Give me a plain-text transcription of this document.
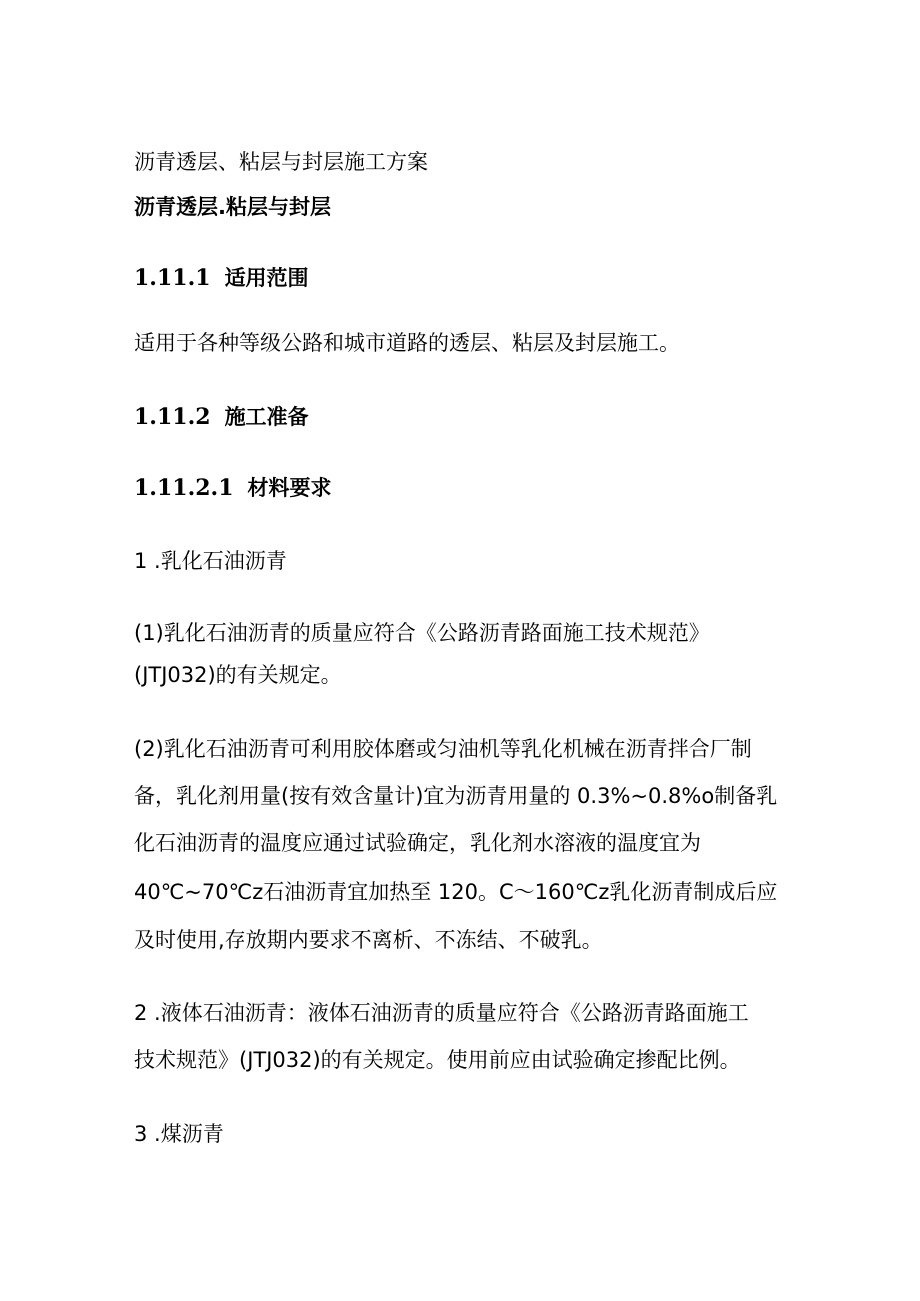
沥青透层、粘层与封层施工方案
沥青透层.粘层与封层
1.11.1 适用范围
适用于各种等级公路和城市道路的透层、粘层及封层施工。
1.11.2 施工准备
1.11.2.1 材料要求
1 .乳化石油沥青
(1)乳化石油沥青的质量应符合《公路沥青路面施工技术规范》
(JTJ032)的有关规定。
(2)乳化石油沥青可利用胶体磨或匀油机等乳化机械在沥青拌合厂制
备，乳化剂用量(按有效含量计)宜为沥青用量的 0.3%~0.8%o制备乳
化石油沥青的温度应通过试验确定，乳化剂水溶液的温度宜为
40℃~70℃z石油沥青宜加热至 120。C～160℃z乳化沥青制成后应
及时使用,存放期内要求不离析、不冻结、不破乳。
2 .液体石油沥青：液体石油沥青的质量应符合《公路沥青路面施工
技术规范》(JTJ032)的有关规定。使用前应由试验确定掺配比例。
3 .煤沥青
